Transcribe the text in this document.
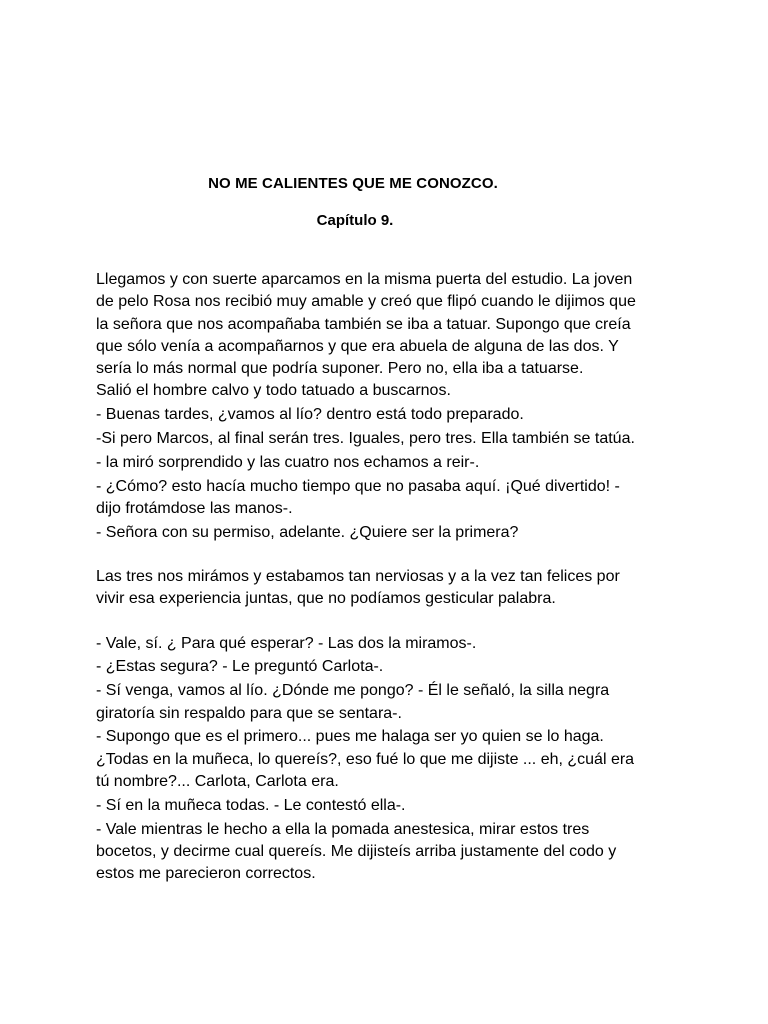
NO ME CALIENTES QUE ME CONOZCO.
Capítulo 9.
Llegamos y con suerte aparcamos en la misma puerta del estudio. La joven
de pelo Rosa nos recibió muy amable y creó que flipó cuando le dijimos que
la señora que nos acompañaba también se iba a tatuar. Supongo que creía
que sólo venía a acompañarnos y que era abuela de alguna de las dos. Y
sería lo más normal que podría suponer. Pero no, ella iba a tatuarse.
Salió el hombre calvo y todo tatuado a buscarnos.
- Buenas tardes, ¿vamos al lío? dentro está todo preparado.
-Si pero Marcos, al final serán tres. Iguales, pero tres. Ella también se tatúa.
- la miró sorprendido y las cuatro nos echamos a reir-.
- ¿Cómo? esto hacía mucho tiempo que no pasaba aquí. ¡Qué divertido! -
dijo frotámdose las manos-.
- Señora con su permiso, adelante. ¿Quiere ser la primera?
Las tres nos mirámos y estabamos tan nerviosas y a la vez tan felices por
vivir esa experiencia juntas, que no podíamos gesticular palabra.
- Vale, sí. ¿ Para qué esperar? - Las dos la miramos-.
- ¿Estas segura? - Le preguntó Carlota-.
- Sí venga, vamos al lío. ¿Dónde me pongo? - Él le señaló, la silla negra
giratoría sin respaldo para que se sentara-.
- Supongo que es el primero... pues me halaga ser yo quien se lo haga.
¿Todas en la muñeca, lo quereís?, eso fué lo que me dijiste ... eh, ¿cuál era
tú nombre?... Carlota, Carlota era.
- Sí en la muñeca todas. - Le contestó ella-.
- Vale mientras le hecho a ella la pomada anestesica, mirar estos tres
bocetos, y decirme cual quereís. Me dijisteís arriba justamente del codo y
estos me parecieron correctos.
